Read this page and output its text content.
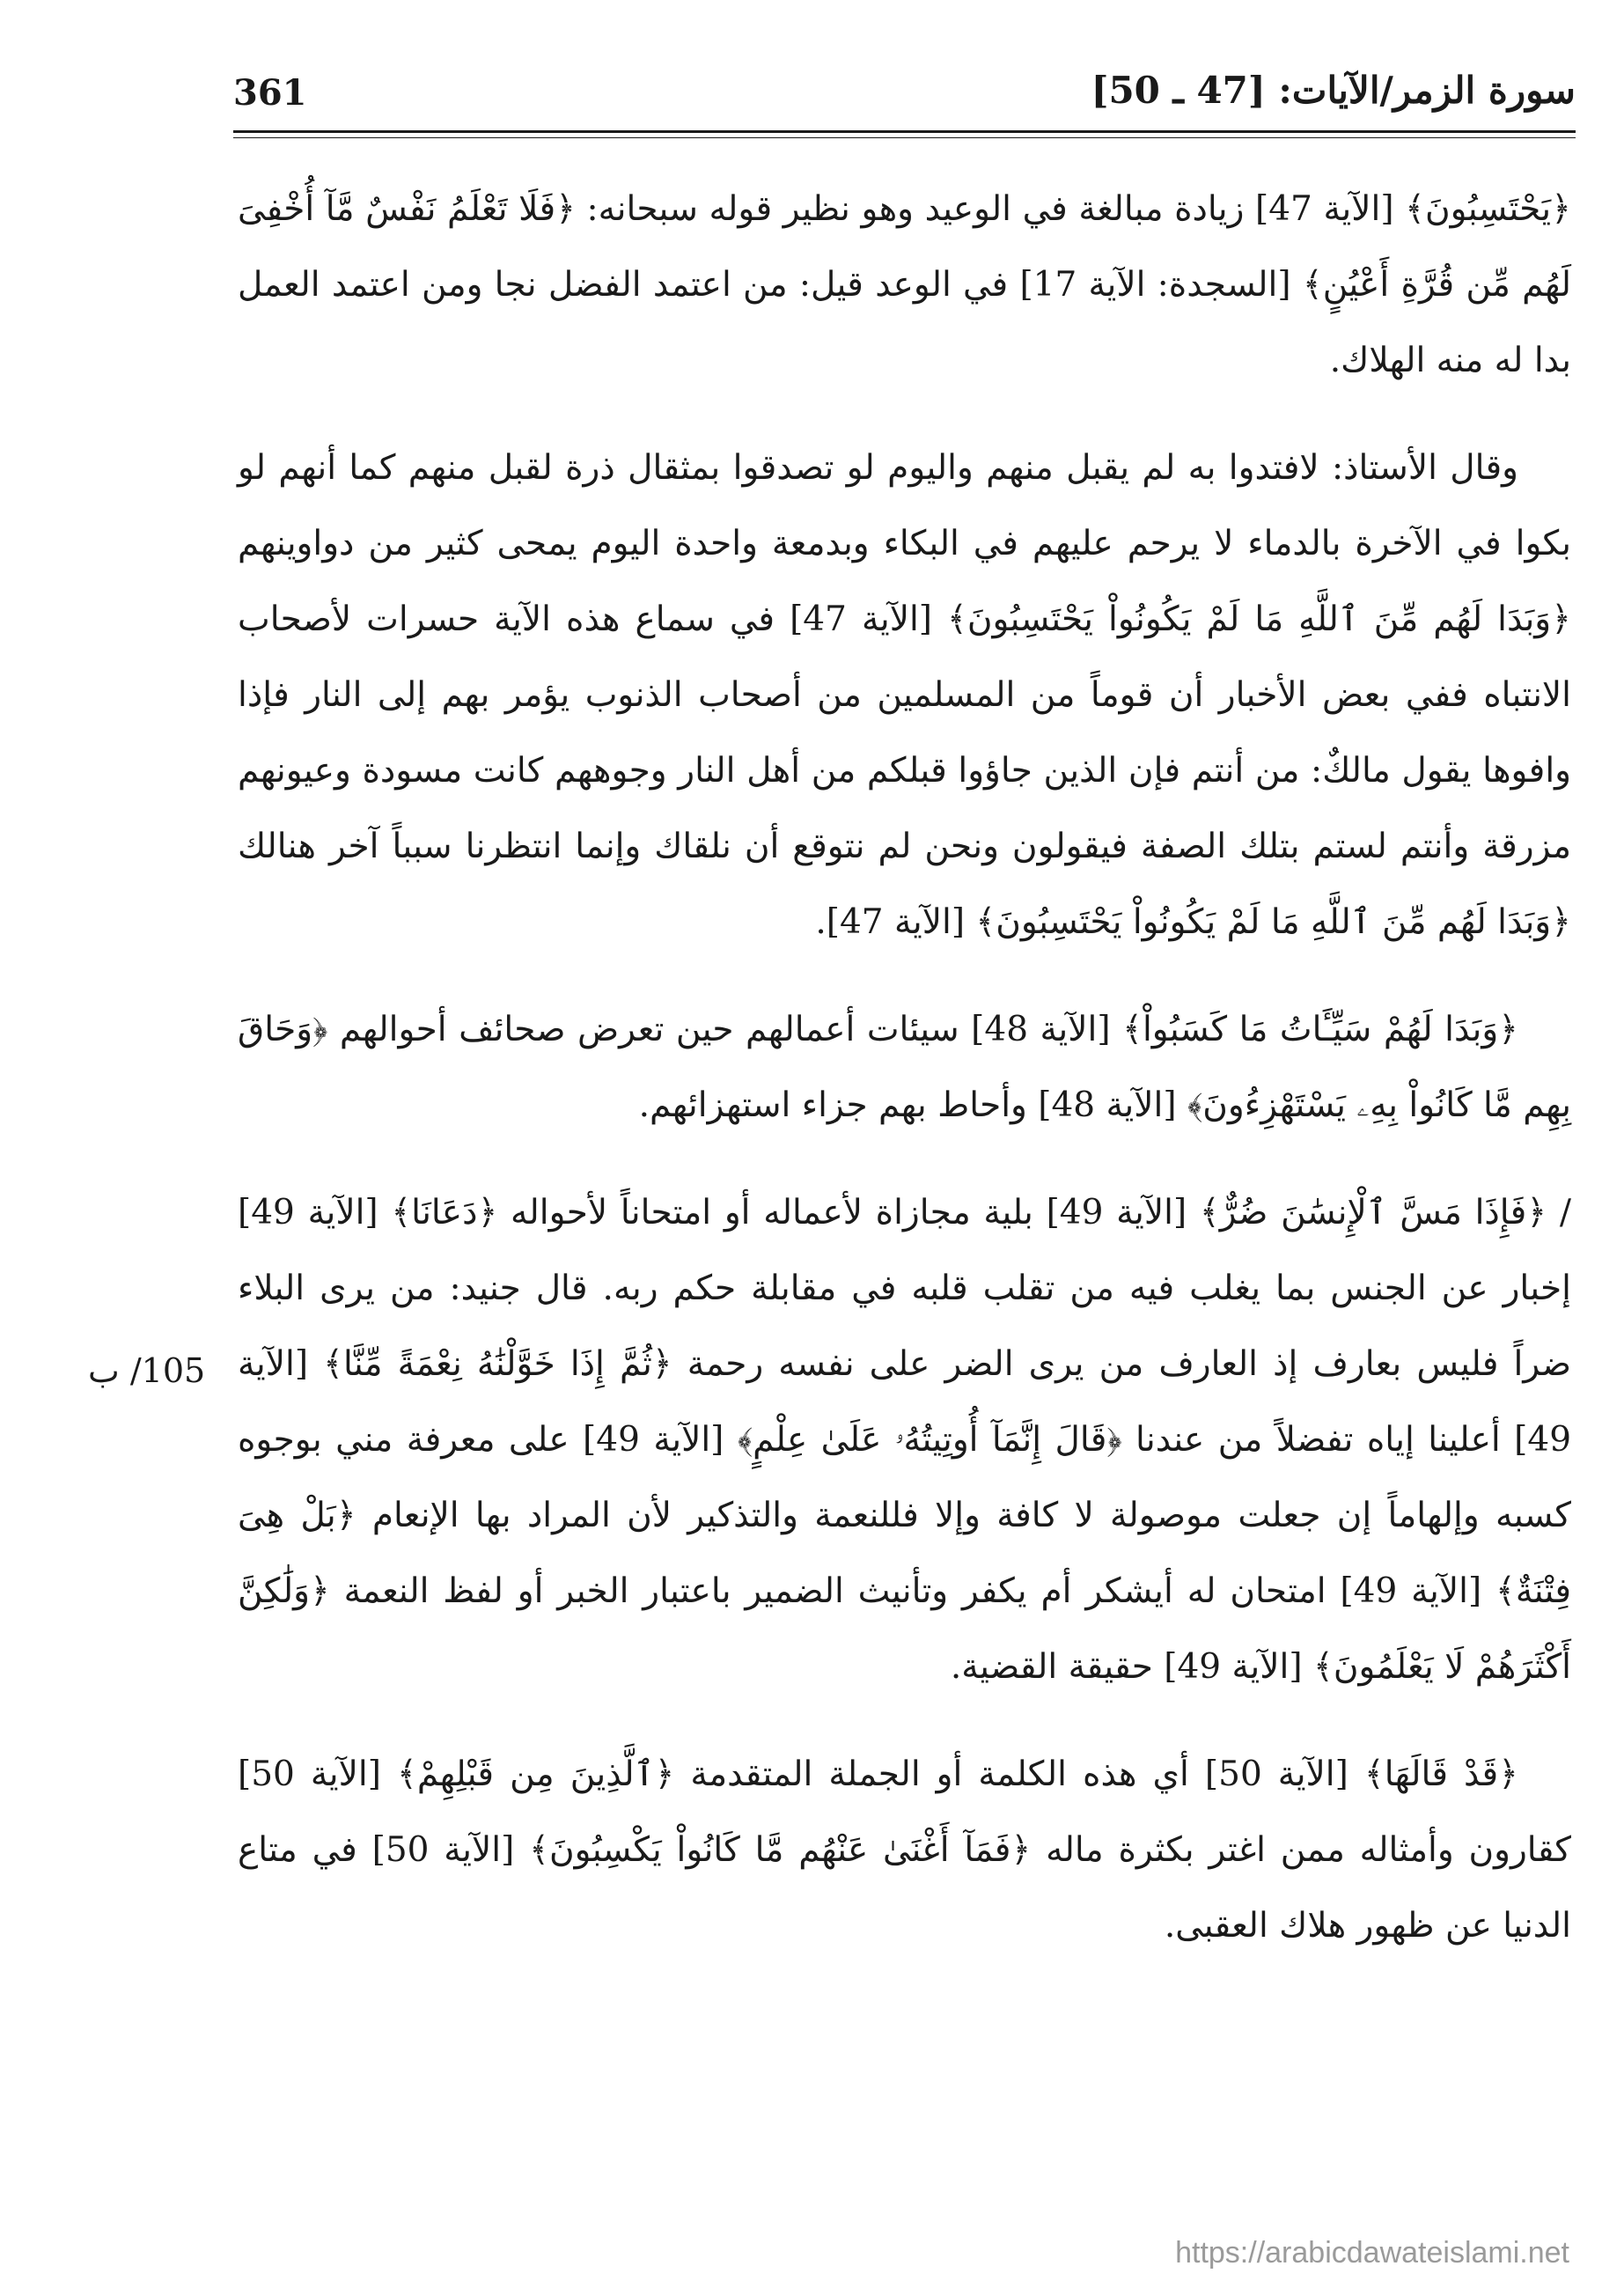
361	سورة الزمر/الآيات: [47 ـ 50]

﴿يَحْتَسِبُونَ﴾ [الآية 47] زيادة مبالغة في الوعيد وهو نظير قوله سبحانه: ﴿فَلَا تَعْلَمُ نَفْسٌ مَّآ أُخْفِىَ لَهُم مِّن قُرَّةِ أَعْيُنٍ﴾ [السجدة: الآية 17] في الوعد قيل: من اعتمد الفضل نجا ومن اعتمد العمل بدا له منه الهلاك.

وقال الأستاذ: لافتدوا به لم يقبل منهم واليوم لو تصدقوا بمثقال ذرة لقبل منهم كما أنهم لو بكوا في الآخرة بالدماء لا يرحم عليهم في البكاء وبدمعة واحدة اليوم يمحى كثير من دواوينهم ﴿وَبَدَا لَهُم مِّنَ ٱللَّهِ مَا لَمْ يَكُونُواْ يَحْتَسِبُونَ﴾ [الآية 47] في سماع هذه الآية حسرات لأصحاب الانتباه ففي بعض الأخبار أن قوماً من المسلمين من أصحاب الذنوب يؤمر بهم إلى النار فإذا وافوها يقول مالكٌ: من أنتم فإن الذين جاؤوا قبلكم من أهل النار وجوههم كانت مسودة وعيونهم مزرقة وأنتم لستم بتلك الصفة فيقولون ونحن لم نتوقع أن نلقاك وإنما انتظرنا سبباً آخر هنالك ﴿وَبَدَا لَهُم مِّنَ ٱللَّهِ مَا لَمْ يَكُونُواْ يَحْتَسِبُونَ﴾ [الآية 47].

﴿وَبَدَا لَهُمْ سَيِّـَٔاتُ مَا كَسَبُواْ﴾ [الآية 48] سيئات أعمالهم حين تعرض صحائف أحوالهم ﴿وَحَاقَ بِهِم مَّا كَانُواْ بِهِۦ يَسْتَهْزِءُونَ﴾ [الآية 48] وأحاط بهم جزاء استهزائهم.

/ ﴿فَإِذَا مَسَّ ٱلْإِنسَٰنَ ضُرٌّ﴾ [الآية 49] بلية مجازاة لأعماله أو امتحاناً لأحواله ﴿دَعَانَا﴾ [الآية 49] إخبار عن الجنس بما يغلب فيه من تقلب قلبه في مقابلة حكم ربه. قال جنيد: من يرى البلاء ضراً فليس بعارف إذ العارف من يرى الضر على نفسه رحمة ﴿ثُمَّ إِذَا خَوَّلْنَٰهُ نِعْمَةً مِّنَّا﴾ [الآية 49] أعلينا إياه تفضلاً من عندنا ﴿قَالَ إِنَّمَآ أُوتِيتُهُۥ عَلَىٰ عِلْمٍ﴾ [الآية 49] على معرفة مني بوجوه كسبه وإلهاماً إن جعلت موصولة لا كافة وإلا فللنعمة والتذكير لأن المراد بها الإنعام ﴿بَلْ هِىَ فِتْنَةٌ﴾ [الآية 49] امتحان له أيشكر أم يكفر وتأنيث الضمير باعتبار الخبر أو لفظ النعمة ﴿وَلَٰكِنَّ أَكْثَرَهُمْ لَا يَعْلَمُونَ﴾ [الآية 49] حقيقة القضية.

﴿قَدْ قَالَهَا﴾ [الآية 50] أي هذه الكلمة أو الجملة المتقدمة ﴿ٱلَّذِينَ مِن قَبْلِهِمْ﴾ [الآية 50] كقارون وأمثاله ممن اغتر بكثرة ماله ﴿فَمَآ أَغْنَىٰ عَنْهُم مَّا كَانُواْ يَكْسِبُونَ﴾ [الآية 50] في متاع الدنيا عن ظهور هلاك العقبى.

105/ ب
https://arabicdawateislami.net
